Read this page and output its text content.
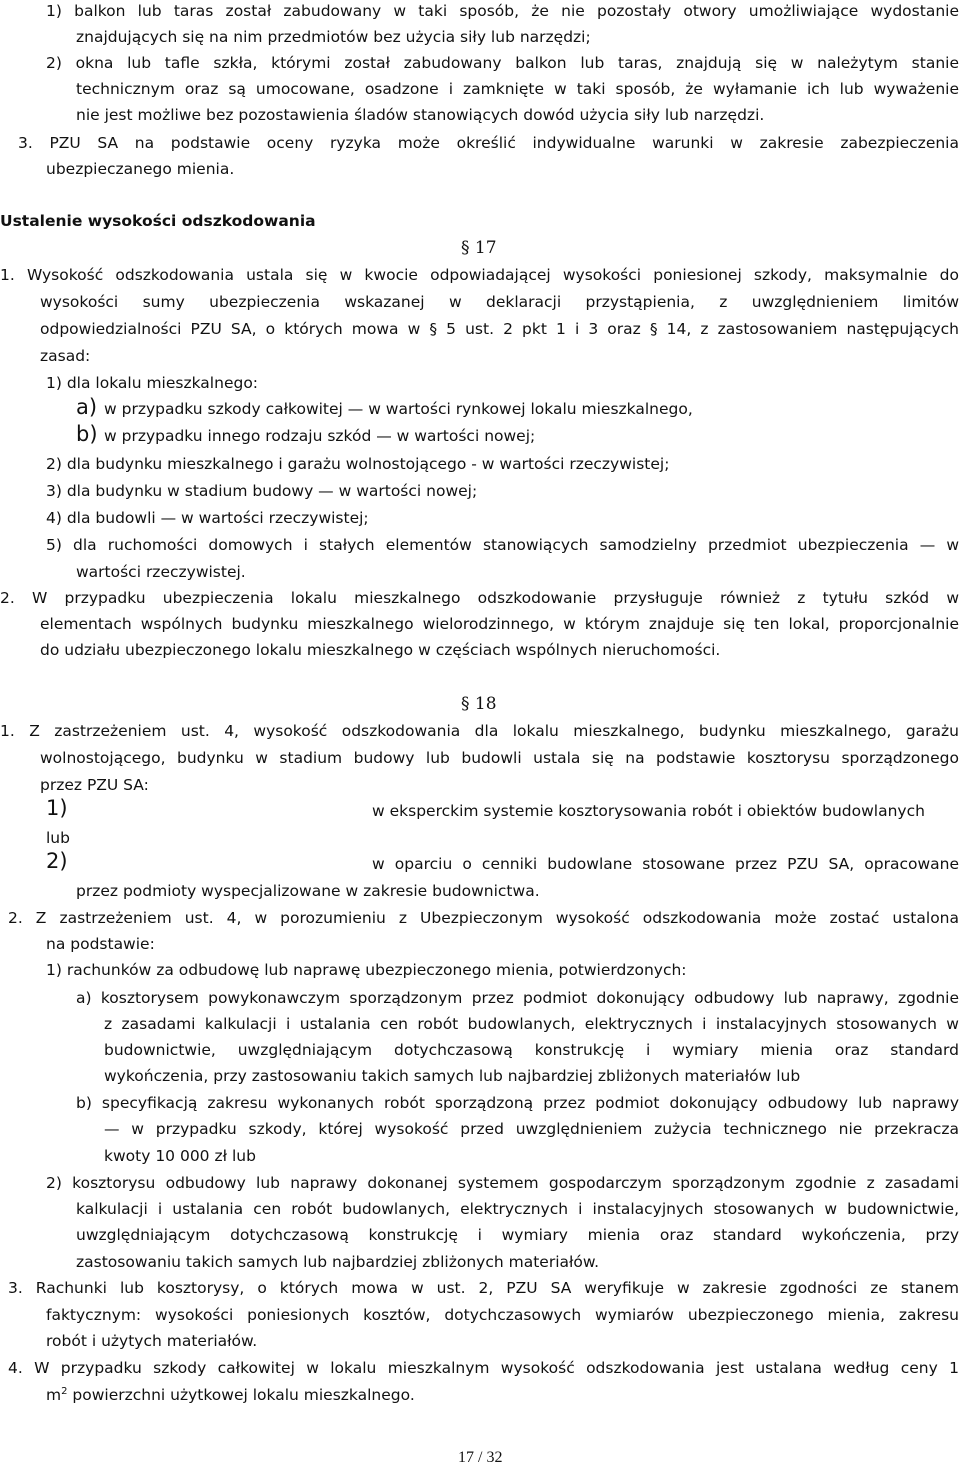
1) balkon lub taras został zabudowany w taki sposób, że nie pozostały otwory umożliwiające wydostanie
znajdujących się na nim przedmiotów bez użycia siły lub narzędzi;
2) okna lub tafle szkła, którymi został zabudowany balkon lub taras, znajdują się w należytym stanie
technicznym oraz są umocowane, osadzone i zamknięte w taki sposób, że wyłamanie ich lub wyważenie
nie jest możliwe bez pozostawienia śladów stanowiących dowód użycia siły lub narzędzi.
3. PZU SA na podstawie oceny ryzyka może określić indywidualne warunki w zakresie zabezpieczenia
ubezpieczanego mienia.
Ustalenie wysokości odszkodowania
§ 17
1. Wysokość odszkodowania ustala się w kwocie odpowiadającej wysokości poniesionej szkody, maksymalnie do
wysokości sumy ubezpieczenia wskazanej w deklaracji przystąpienia, z uwzględnieniem limitów
odpowiedzialności PZU SA, o których mowa w § 5 ust. 2 pkt 1 i 3 oraz § 14, z zastosowaniem następujących
zasad:
1) dla lokalu mieszkalnego:
a) w przypadku szkody całkowitej — w wartości rynkowej lokalu mieszkalnego,
b) w przypadku innego rodzaju szkód — w wartości nowej;
2) dla budynku mieszkalnego i garażu wolnostojącego - w wartości rzeczywistej;
3) dla budynku w stadium budowy — w wartości nowej;
4) dla budowli — w wartości rzeczywistej;
5) dla ruchomości domowych i stałych elementów stanowiących samodzielny przedmiot ubezpieczenia — w
wartości rzeczywistej.
2. W przypadku ubezpieczenia lokalu mieszkalnego odszkodowanie przysługuje również z tytułu szkód w
elementach wspólnych budynku mieszkalnego wielorodzinnego, w którym znajduje się ten lokal, proporcjonalnie
do udziału ubezpieczonego lokalu mieszkalnego w częściach wspólnych nieruchomości.
§ 18
1. Z zastrzeżeniem ust. 4, wysokość odszkodowania dla lokalu mieszkalnego, budynku mieszkalnego, garażu
wolnostojącego, budynku w stadium budowy lub budowli ustala się na podstawie kosztorysu sporządzonego
przez PZU SA:
1)	w eksperckim systemie kosztorysowania robót i obiektów budowlanych
lub
2)	w oparciu o cenniki budowlane stosowane przez PZU SA, opracowane
przez podmioty wyspecjalizowane w zakresie budownictwa.
2. Z zastrzeżeniem ust. 4, w porozumieniu z Ubezpieczonym wysokość odszkodowania może zostać ustalona
na podstawie:
1) rachunków za odbudowę lub naprawę ubezpieczonego mienia, potwierdzonych:
a) kosztorysem powykonawczym sporządzonym przez podmiot dokonujący odbudowy lub naprawy, zgodnie
z zasadami kalkulacji i ustalania cen robót budowlanych, elektrycznych i instalacyjnych stosowanych w
budownictwie, uwzględniającym dotychczasową konstrukcję i wymiary mienia oraz standard
wykończenia, przy zastosowaniu takich samych lub najbardziej zbliżonych materiałów lub
b) specyfikacją zakresu wykonanych robót sporządzoną przez podmiot dokonujący odbudowy lub naprawy
— w przypadku szkody, której wysokość przed uwzględnieniem zużycia technicznego nie przekracza
kwoty 10 000 zł lub
2) kosztorysu odbudowy lub naprawy dokonanej systemem gospodarczym sporządzonym zgodnie z zasadami
kalkulacji i ustalania cen robót budowlanych, elektrycznych i instalacyjnych stosowanych w budownictwie,
uwzględniającym dotychczasową konstrukcję i wymiary mienia oraz standard wykończenia, przy
zastosowaniu takich samych lub najbardziej zbliżonych materiałów.
3. Rachunki lub kosztorysy, o których mowa w ust. 2, PZU SA weryfikuje w zakresie zgodności ze stanem
faktycznym: wysokości poniesionych kosztów, dotychczasowych wymiarów ubezpieczonego mienia, zakresu
robót i użytych materiałów.
4. W przypadku szkody całkowitej w lokalu mieszkalnym wysokość odszkodowania jest ustalana według ceny 1
$m^2$ powierzchni użytkowej lokalu mieszkalnego.
17 / 32
